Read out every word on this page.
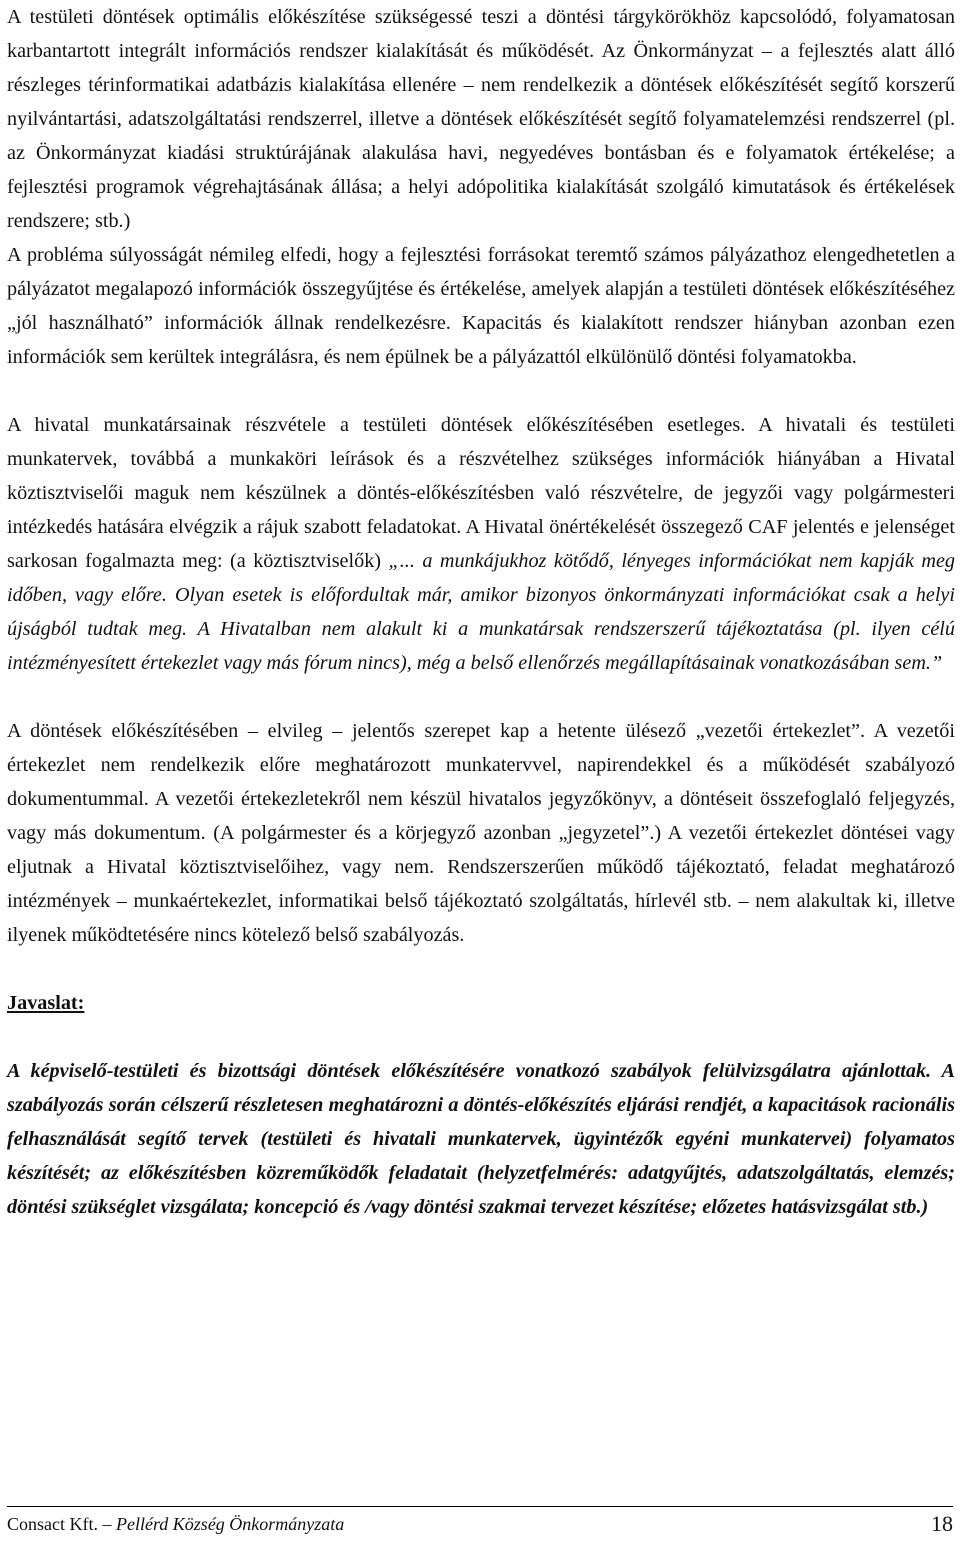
A testületi döntések optimális előkészítése szükségessé teszi a döntési tárgykörökhöz kapcsolódó, folyamatosan karbantartott integrált információs rendszer kialakítását és működését. Az Önkormányzat – a fejlesztés alatt álló részleges térinformatikai adatbázis kialakítása ellenére – nem rendelkezik a döntések előkészítését segítő korszerű nyilvántartási, adatszolgáltatási rendszerrel, illetve a döntések előkészítését segítő folyamatelemzési rendszerrel (pl. az Önkormányzat kiadási struktúrájának alakulása havi, negyedéves bontásban és e folyamatok értékelése; a fejlesztési programok végrehajtásának állása; a helyi adópolitika kialakítását szolgáló kimutatások és értékelések rendszere; stb.)

A probléma súlyosságát némileg elfedi, hogy a fejlesztési forrásokat teremtő számos pályázathoz elengedhetetlen a pályázatot megalapozó információk összegyűjtése és értékelése, amelyek alapján a testületi döntések előkészítéséhez „jól használható” információk állnak rendelkezésre. Kapacitás és kialakított rendszer hiányban azonban ezen információk sem kerültek integrálásra, és nem épülnek be a pályázattól elkülönülő döntési folyamatokba.

A hivatal munkatársainak részvétele a testületi döntések előkészítésében esetleges. A hivatali és testületi munkatervek, továbbá a munkaköri leírások és a részvételhez szükséges információk hiányában a Hivatal köztisztviselői maguk nem készülnek a döntés-előkészítésben való részvételre, de jegyzői vagy polgármesteri intézkedés hatására elvégzik a rájuk szabott feladatokat. A Hivatal önértékelését összegező CAF jelentés e jelenséget sarkosan fogalmazta meg: (a köztisztviselők) „... a munkájukhoz kötődő, lényeges információkat nem kapják meg időben, vagy előre. Olyan esetek is előfordultak már, amikor bizonyos önkormányzati információkat csak a helyi újságból tudtak meg. A Hivatalban nem alakult ki a munkatársak rendszerszerű tájékoztatása (pl. ilyen célú intézményesített értekezlet vagy más fórum nincs), még a belső ellenőrzés megállapításainak vonatkozásában sem.”

A döntések előkészítésében – elvileg – jelentős szerepet kap a hetente ülésező „vezetői értekezlet”. A vezetői értekezlet nem rendelkezik előre meghatározott munkatervvel, napirendekkel és a működését szabályozó dokumentummal. A vezetői értekezletekről nem készül hivatalos jegyzőkönyv, a döntéseit összefoglaló feljegyzés, vagy más dokumentum. (A polgármester és a körjegyző azonban „jegyzetel”.) A vezetői értekezlet döntései vagy eljutnak a Hivatal köztisztviselőihez, vagy nem. Rendszerszerűen működő tájékoztató, feladat meghatározó intézmények – munkaértekezlet, informatikai belső tájékoztató szolgáltatás, hírlevél stb. – nem alakultak ki, illetve ilyenek működtetésére nincs kötelező belső szabályozás.

Javaslat:

A képviselő-testületi és bizottsági döntések előkészítésére vonatkozó szabályok felülvizsgálatra ajánlottak. A szabályozás során célszerű részletesen meghatározni a döntés-előkészítés eljárási rendjét, a kapacitások racionális felhasználását segítő tervek (testületi és hivatali munkatervek, ügyintézők egyéni munkatervei) folyamatos készítését; az előkészítésben közreműködők feladatait (helyzetfelmérés: adatgyűjtés, adatszolgáltatás, elemzés; döntési szükséglet vizsgálata; koncepció és /vagy döntési szakmai tervezet készítése; előzetes hatásvizsgálat stb.)

Consact Kft. – Pellérd Község Önkormányzata	18
